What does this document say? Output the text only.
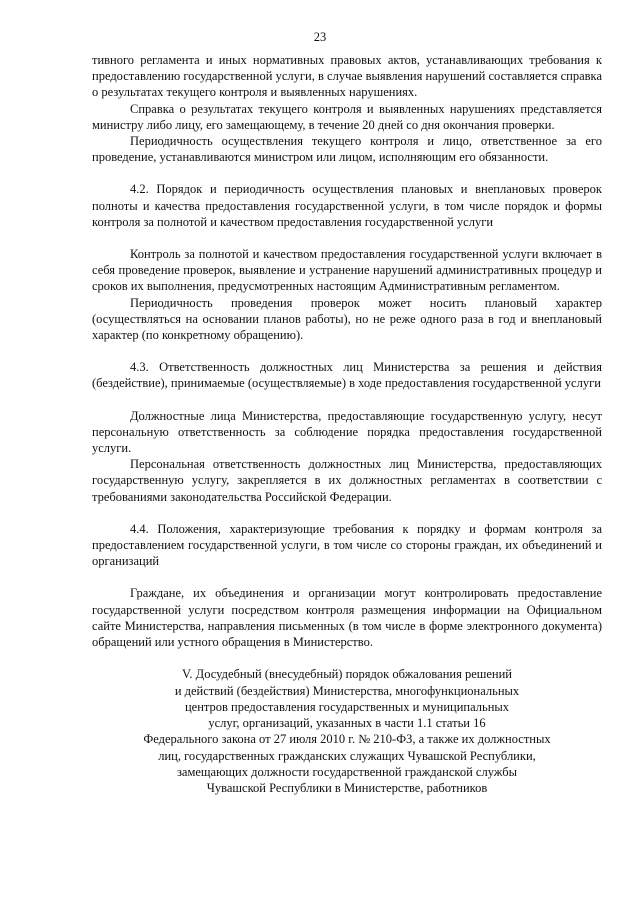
23

тивного регламента и иных нормативных правовых актов, устанавливающих требования к предоставлению государственной услуги, в случае выявления нарушений составляется справка о результатах текущего контроля и выявленных нарушениях.

Справка о результатах текущего контроля и выявленных нарушениях представляется министру либо лицу, его замещающему, в течение 20 дней со дня окончания проверки.

Периодичность осуществления текущего контроля и лицо, ответственное за его проведение, устанавливаются министром или лицом, исполняющим его обязанности.

4.2. Порядок и периодичность осуществления плановых и внеплановых проверок полноты и качества предоставления государственной услуги, в том числе порядок и формы контроля за полнотой и качеством предоставления государственной услуги

Контроль за полнотой и качеством предоставления государственной услуги включает в себя проведение проверок, выявление и устранение нарушений административных процедур и сроков их выполнения, предусмотренных настоящим Административным регламентом.

Периодичность проведения проверок может носить плановый характер (осуществляться на основании планов работы), но не реже одного раза в год и внеплановый характер (по конкретному обращению).

4.3. Ответственность должностных лиц Министерства за решения и действия (бездействие), принимаемые (осуществляемые) в ходе предоставления государственной услуги

Должностные лица Министерства, предоставляющие государственную услугу, несут персональную ответственность за соблюдение порядка предоставления государственной услуги.

Персональная ответственность должностных лиц Министерства, предоставляющих государственную услугу, закрепляется в их должностных регламентах в соответствии с требованиями законодательства Российской Федерации.

4.4. Положения, характеризующие требования к порядку и формам контроля за предоставлением государственной услуги, в том числе со стороны граждан, их объединений и организаций

Граждане, их объединения и организации могут контролировать предоставление государственной услуги посредством контроля размещения информации на Официальном сайте Министерства, направления письменных (в том числе в форме электронного документа) обращений или устного обращения в Министерство.

V. Досудебный (внесудебный) порядок обжалования решений
и действий (бездействия) Министерства, многофункциональных
центров предоставления государственных и муниципальных
услуг, организаций, указанных в части 1.1 статьи 16
Федерального закона от 27 июля 2010 г. № 210-ФЗ, а также их должностных
лиц, государственных гражданских служащих Чувашской Республики,
замещающих должности государственной гражданской службы
Чувашской Республики в Министерстве, работников
